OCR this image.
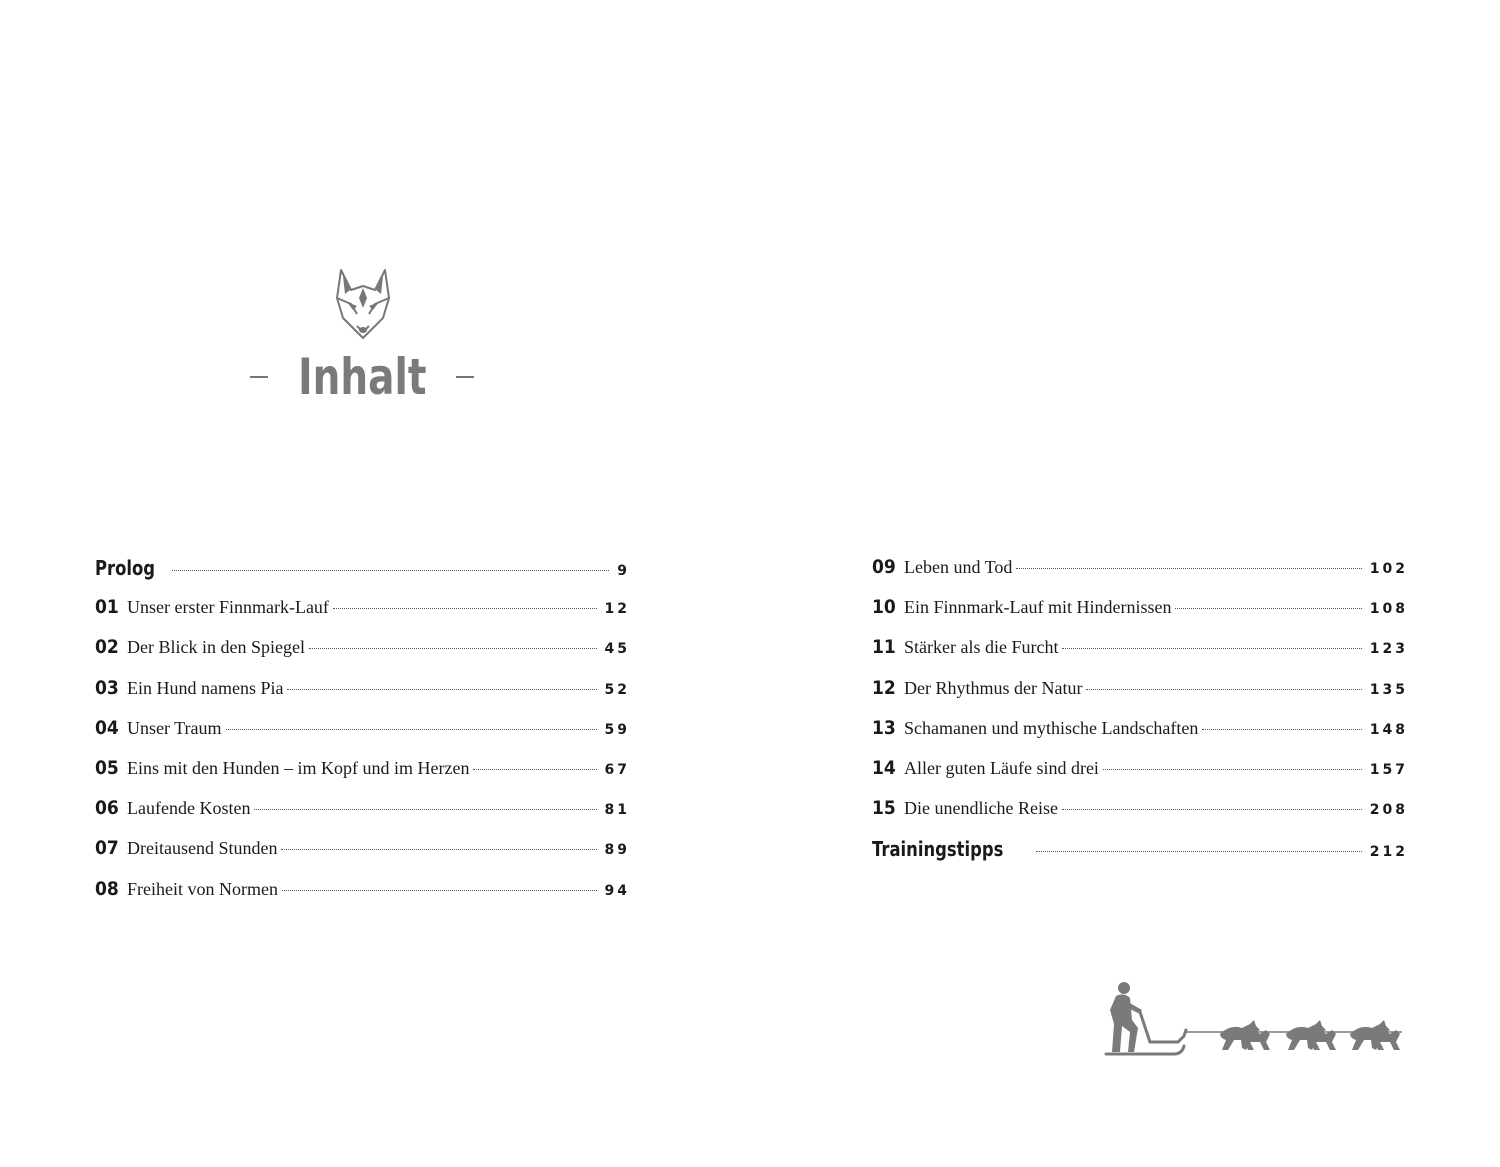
Inhalt
Prolog	9
01 Unser erster Finnmark-Lauf	12
02 Der Blick in den Spiegel	45
03 Ein Hund namens Pia	52
04 Unser Traum	59
05 Eins mit den Hunden – im Kopf und im Herzen	67
06 Laufende Kosten	81
07 Dreitausend Stunden	89
08 Freiheit von Normen	94
09 Leben und Tod	102
10 Ein Finnmark-Lauf mit Hindernissen	108
11 Stärker als die Furcht	123
12 Der Rhythmus der Natur	135
13 Schamanen und mythische Landschaften	148
14 Aller guten Läufe sind drei	157
15 Die unendliche Reise	208
Trainingstipps	212
